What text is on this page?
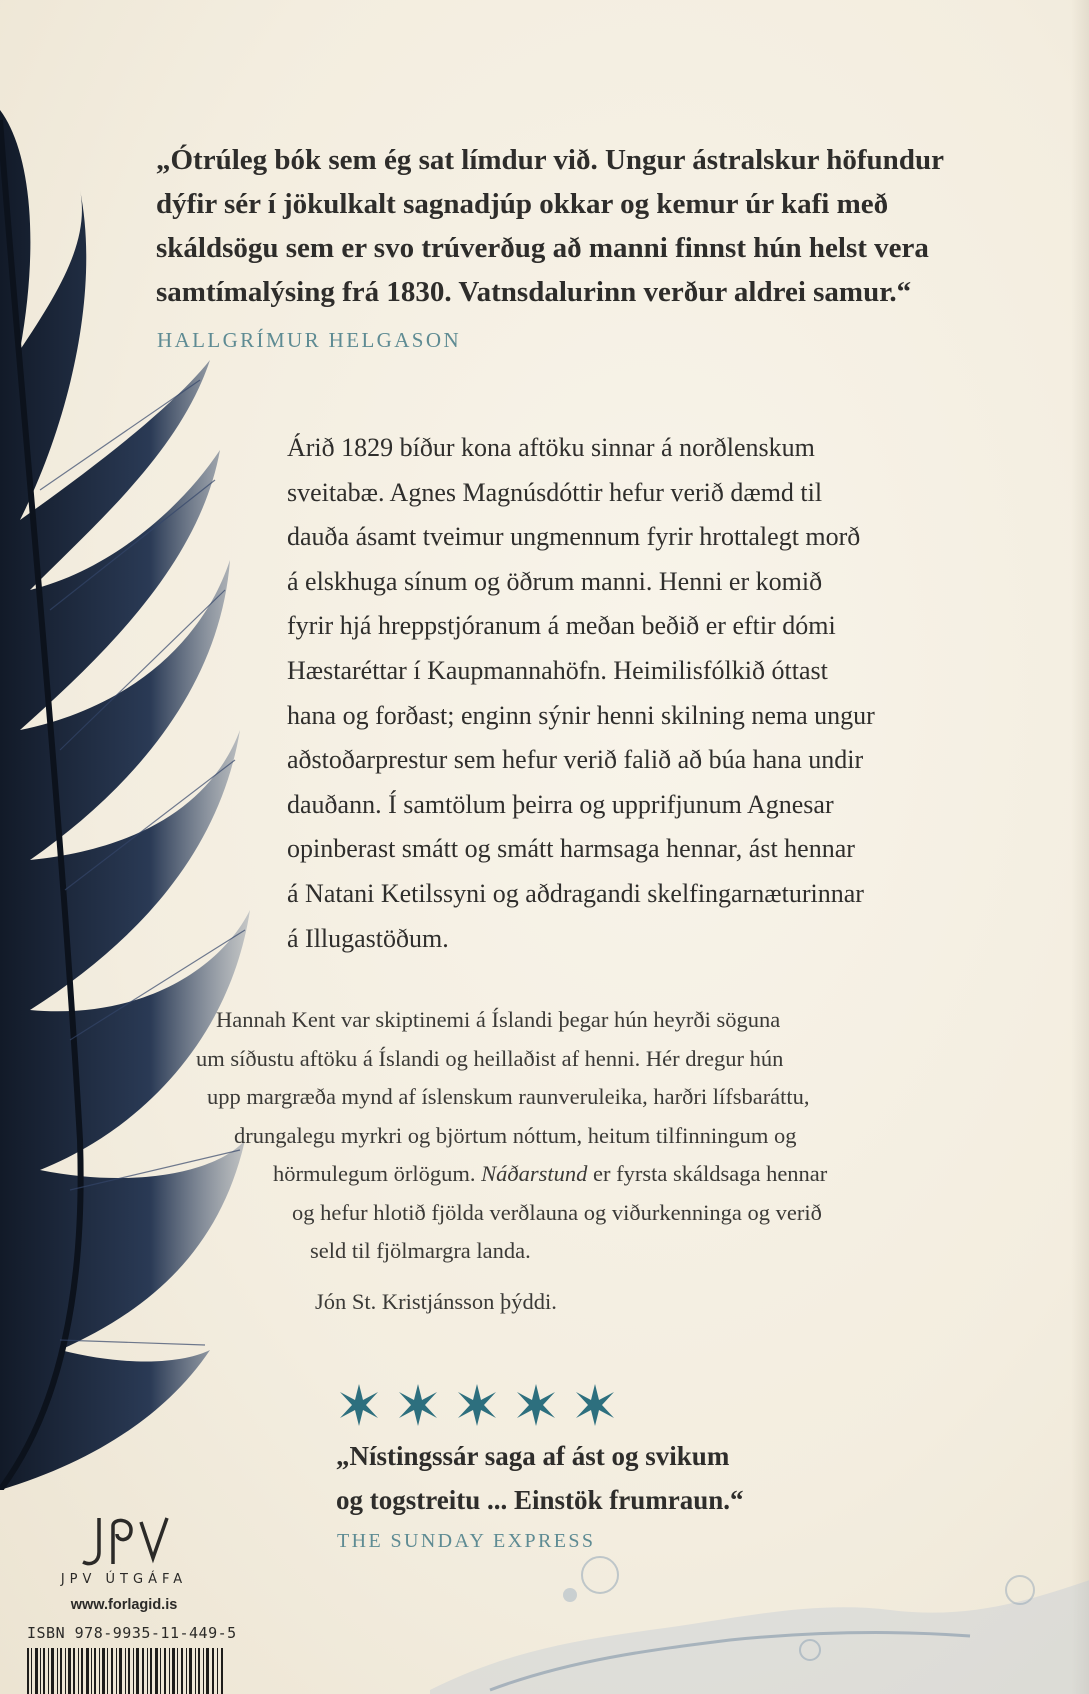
„Ótrúleg bók sem ég sat límdur við. Ungur ástralskur höfundur

dýfir sér í jökulkalt sagnadjúp okkar og kemur úr kafi með

skáldsögu sem er svo trúverðug að manni finnst hún helst vera

samtímalýsing frá 1830. Vatnsdalurinn verður aldrei samur.“

HALLGRÍMUR HELGASON
Árið 1829 bíður kona aftöku sinnar á norðlenskum
sveitabæ. Agnes Magnúsdóttir hefur verið dæmd til
dauða ásamt tveimur ungmennum fyrir hrottalegt morð
á elskhuga sínum og öðrum manni. Henni er komið
fyrir hjá hreppstjóranum á meðan beðið er eftir dómi
Hæstaréttar í Kaupmannahöfn. Heimilisfólkið óttast
hana og forðast; enginn sýnir henni skilning nema ungur
aðstoðarprestur sem hefur verið falið að búa hana undir
dauðann. Í samtölum þeirra og upprifjunum Agnesar
opinberast smátt og smátt harmsaga hennar, ást hennar
á Natani Ketilssyni og aðdragandi skelfingarnæturinnar
á Illugastöðum.
Hannah Kent var skiptinemi á Íslandi þegar hún heyrði söguna
um síðustu aftöku á Íslandi og heillaðist af henni. Hér dregur hún
upp margræða mynd af íslenskum raunveruleika, harðri lífsbaráttu,
drungalegu myrkri og björtum nóttum, heitum tilfinningum og
hörmulegum örlögum. Náðarstund er fyrsta skáldsaga hennar
og hefur hlotið fjölda verðlauna og viðurkenninga og verið
seld til fjölmargra landa.
Jón St. Kristjánsson þýddi.
„Nístingssár saga af ást og svikum
og togstreitu ... Einstök frumraun.“
THE SUNDAY EXPRESS
JPV ÚTGÁFA
www.forlagid.is
ISBN 978-9935-11-449-5
